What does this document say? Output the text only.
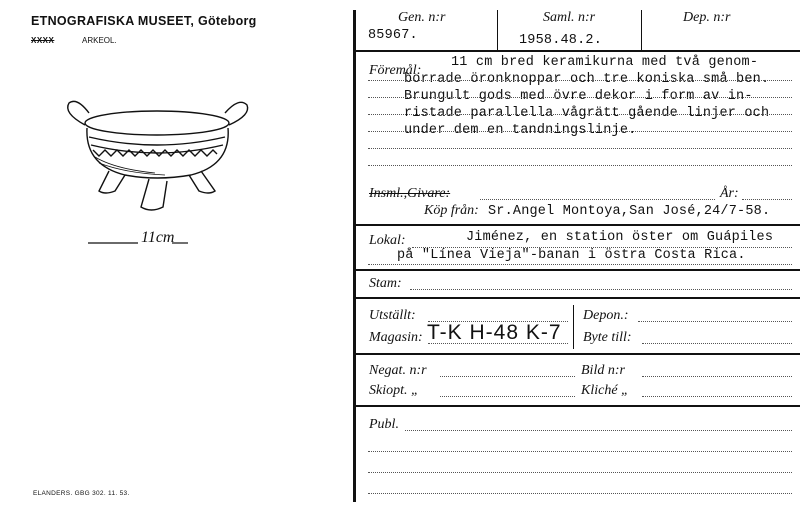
ETNOGRAFISKA MUSEET, Göteborg
XXXX	ARKEOL.
11cm
ELANDERS. GBG 302. 11. 53.
Gen. n:r	Saml. n:r	Dep. n:r
85967.	1958.48.2.
Föremål:
11 cm bred keramikurna med två genom-
borrade öronknoppar och tre koniska små ben.
Brungult gods med övre dekor i form av in-
ristade parallella vågrätt gående linjer och
under dem en tandningslinje.
Insml.,Givare:	År:
Köp från: Sr.Angel Montoya,San José,24/7-58.
Lokal:	Jiménez, en station öster om Guápiles
på "Línea Vieja"-banan i östra Costa Rica.
Stam:
Utställt:	Depon.:
Magasin: T-K H-48 K-7 Byte till:
Negat. n:r	Bild n:r
Skiopt. „	Kliché „
Publ.
